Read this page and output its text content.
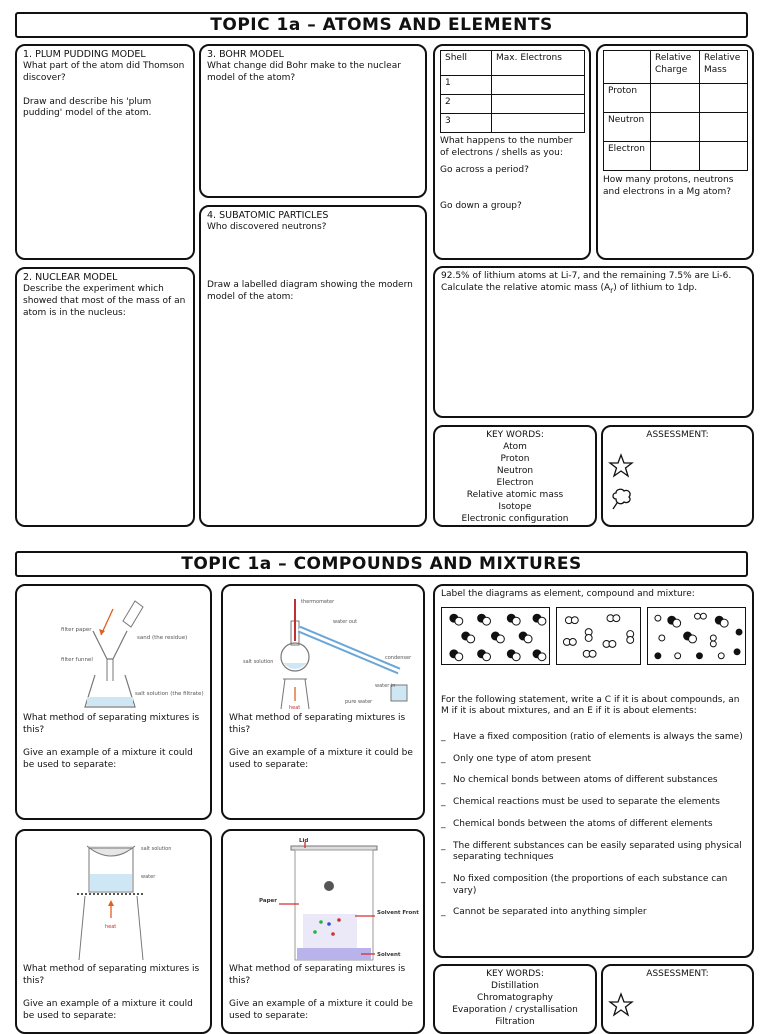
TOPIC 1a – ATOMS AND ELEMENTS

1. PLUM PUDDING MODEL

What part of the atom did Thomson discover?

Draw and describe his 'plum pudding' model of the atom.

2. NUCLEAR MODEL

Describe the experiment which showed that most of the mass of an atom is in the nucleus:

3. BOHR MODEL

What change did Bohr make to the nuclear model of the atom?

4. SUBATOMIC PARTICLES

Who discovered neutrons?

Draw a labelled diagram showing the modern model of the atom:

Shell	Max. Electrons
1	
2	
3	

What happens to the number of electrons / shells as you:

Go across a period?

Go down a group?

	Relative Charge	Relative Mass
Proton		
Neutron		
Electron		

How many protons, neutrons and electrons in a Mg atom?

92.5% of lithium atoms at Li-7, and the remaining 7.5% are Li-6. Calculate the relative atomic mass $(A_r)$ of lithium to 1dp.

KEY WORDS:

Atom

Proton

Neutron

Electron

Relative atomic mass

Isotope

Electronic configuration

ASSESSMENT:

TOPIC 1a – COMPOUNDS AND MIXTURES
filter paper
sand (the residue)
filter funnel
salt solution (the filtrate)

What method of separating mixtures is this?

Give an example of a mixture it could be used to separate:

thermometer
water out
condenser
salt solution
heat
water in
pure water

What method of separating mixtures is this?

Give an example of a mixture it could be used to separate:

salt solution
water
heat

What method of separating mixtures is this?

Give an example of a mixture it could be used to separate:

Lid
Paper
Solvent Front
Solvent

What method of separating mixtures is this?

Give an example of a mixture it could be used to separate:

Label the diagrams as element, compound and mixture:

For the following statement, write a C if it is about compounds, an M if it is about mixtures, and an E if it is about elements:

_ Have a fixed composition (ratio of elements is always the same)
_ Only one type of atom present
_ No chemical bonds between atoms of different substances
_ Chemical reactions must be used to separate the elements
_ Chemical bonds between the atoms of different elements
_ The different substances can be easily separated using physical separating techniques
_ No fixed composition (the proportions of each substance can vary)
_ Cannot be separated into anything simpler

KEY WORDS:

Distillation

Chromatography

Evaporation / crystallisation

Filtration

ASSESSMENT:
